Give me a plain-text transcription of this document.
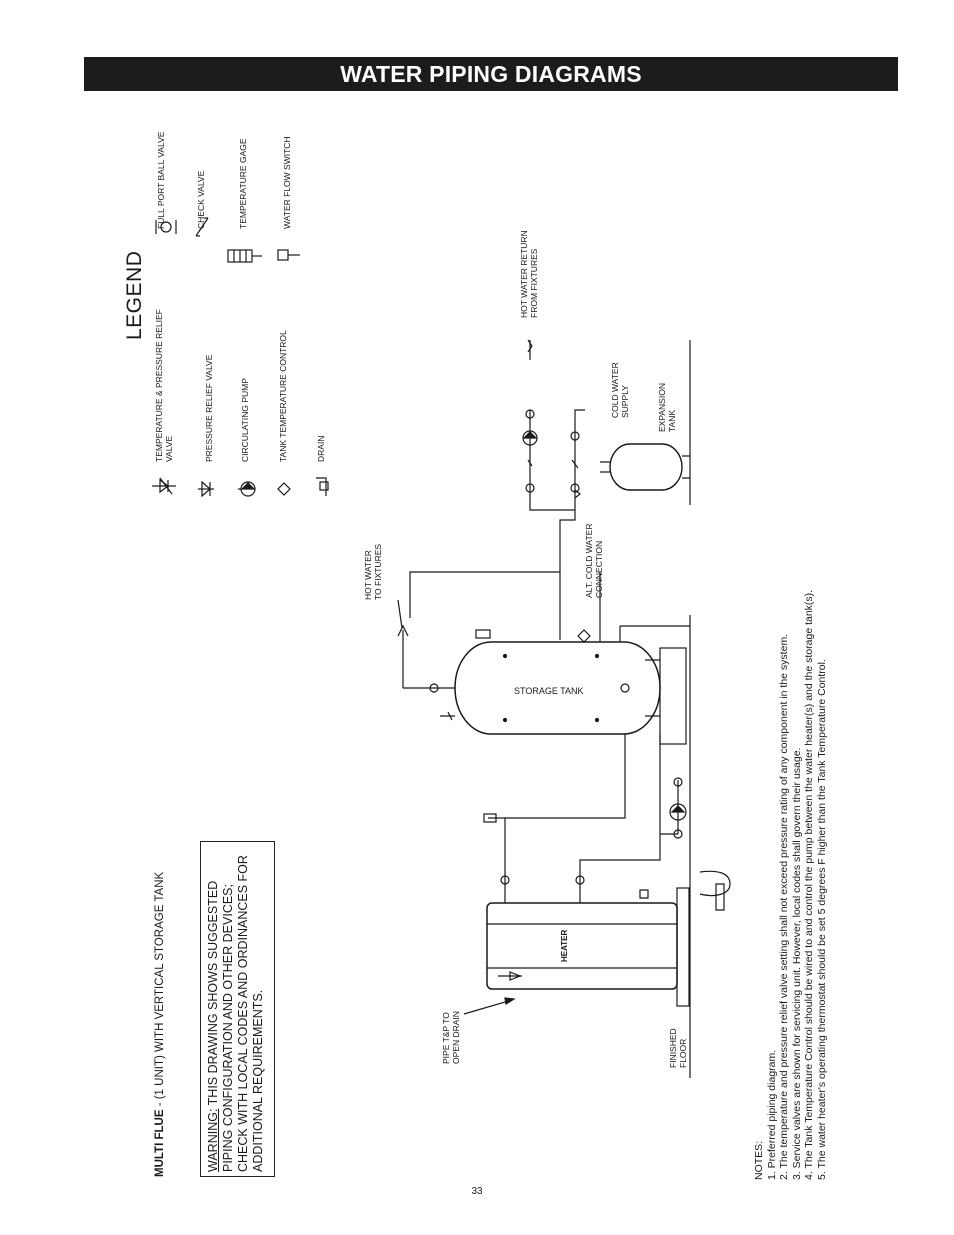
WATER PIPING DIAGRAMS
LEGEND
TEMPERATURE & PRESSURE RELIEF VALVE	PRESSURE RELIEF VALVE	CIRCULATING PUMP	TANK TEMPERATURE CONTROL	DRAIN
FULL PORT BALL VALVE	CHECK VALVE	TEMPERATURE GAGE	WATER FLOW SWITCH
MULTI FLUE - (1 UNIT) WITH VERTICAL STORAGE TANK
WARNING: THIS DRAWING SHOWS SUGGESTED PIPING CONFIGURATION AND OTHER DEVICES; CHECK WITH LOCAL CODES AND ORDINANCES FOR ADDITIONAL REQUIREMENTS.
HOT WATER RETURN FROM FIXTURES
HOT WATER TO FIXTURES	ALT. COLD WATER CONNECTION
COLD WATER SUPPLY	EXPANSION TANK
STORAGE TANK
HEATER
PIPE T&P TO OPEN DRAIN	FINISHED FLOOR
NOTES: 1. Preferred piping diagram. 2. The temperature and pressure relief valve setting shall not exceed pressure rating of any component in the system. 3. Service valves are shown for servicing unit. However, local codes shall govern their usage. 4. The Tank Temperature Control should be wired to and control the pump between the water heater(s) and the storage tank(s). 5. The water heater's operating thermostat should be set 5 degrees F higher than the Tank Temperature Control.
33
